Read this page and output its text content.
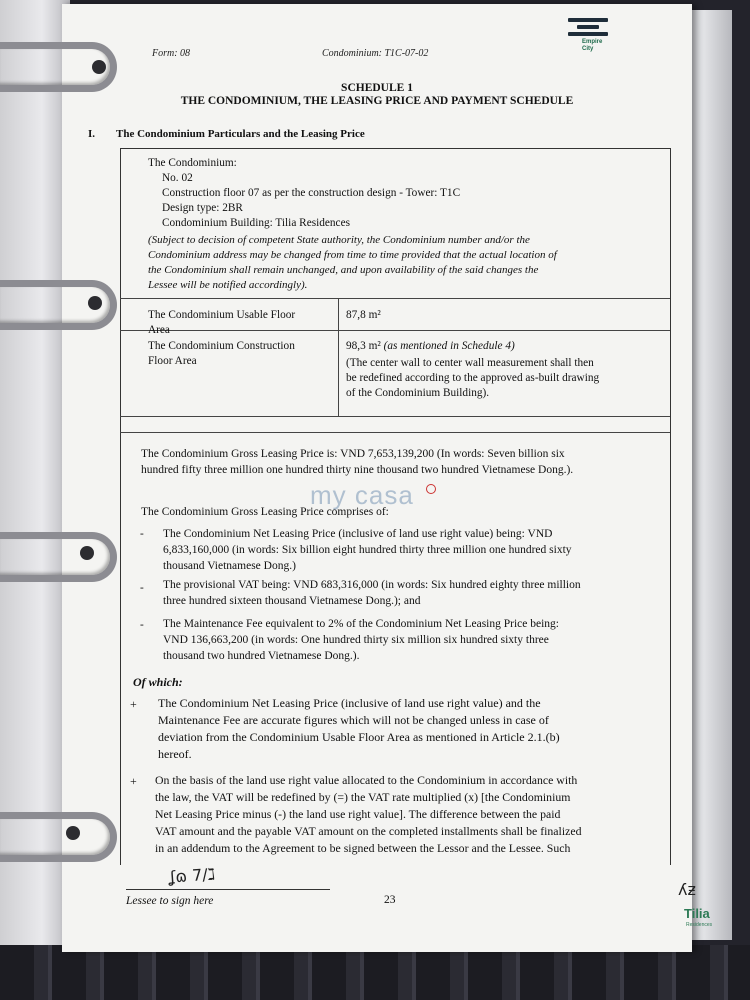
Form: 08	Condominium: T1C-07-02
Empire
City
SCHEDULE 1
THE CONDOMINIUM, THE LEASING PRICE AND PAYMENT SCHEDULE
I. The Condominium Particulars and the Leasing Price
The Condominium:
No. 02
Construction floor 07 as per the construction design - Tower: T1C
Design type: 2BR
Condominium Building: Tilia Residences
(Subject to decision of competent State authority, the Condominium number and/or the
Condominium address may be changed from time to time provided that the actual location of
the Condominium shall remain unchanged, and upon availability of the said changes the
Lessee will be notified accordingly).
The Condominium Usable Floor
Area
87,8 m²
The Condominium Construction
Floor Area
98,3 m² (as mentioned in Schedule 4)
(The center wall to center wall measurement shall then
be redefined according to the approved as-built drawing
of the Condominium Building).
The Condominium Gross Leasing Price is: VND 7,653,139,200 (In words: Seven billion six
hundred fifty three million one hundred thirty nine thousand two hundred Vietnamese Dong.).
my casa
The Condominium Gross Leasing Price comprises of:
- The Condominium Net Leasing Price (inclusive of land use right value) being: VND
6,833,160,000 (in words: Six billion eight hundred thirty three million one hundred sixty
thousand Vietnamese Dong.)
- The provisional VAT being: VND 683,316,000 (in words: Six hundred eighty three million
three hundred sixteen thousand Vietnamese Dong.); and
- The Maintenance Fee equivalent to 2% of the Condominium Net Leasing Price being:
VND 136,663,200 (in words: One hundred thirty six million six hundred sixty three
thousand two hundred Vietnamese Dong.).
Of which:
+ The Condominium Net Leasing Price (inclusive of land use right value) and the
Maintenance Fee are accurate figures which will not be changed unless in case of
deviation from the Condominium Usable Floor Area as mentioned in Article 2.1.(b)
hereof.
+ On the basis of the land use right value allocated to the Condominium in accordance with
the law, the VAT will be redefined by (=) the VAT rate multiplied (x) [the Condominium
Net Leasing Price minus (-) the land use right value]. The difference between the paid
VAT amount and the payable VAT amount on the completed installments shall be finalized
in an addendum to the Agreement to be signed between the Lessor and the Lessee. Such
ʆɷ 7/ℷ
Lessee to sign here	23
ʎƶ
Tilia
Residences
